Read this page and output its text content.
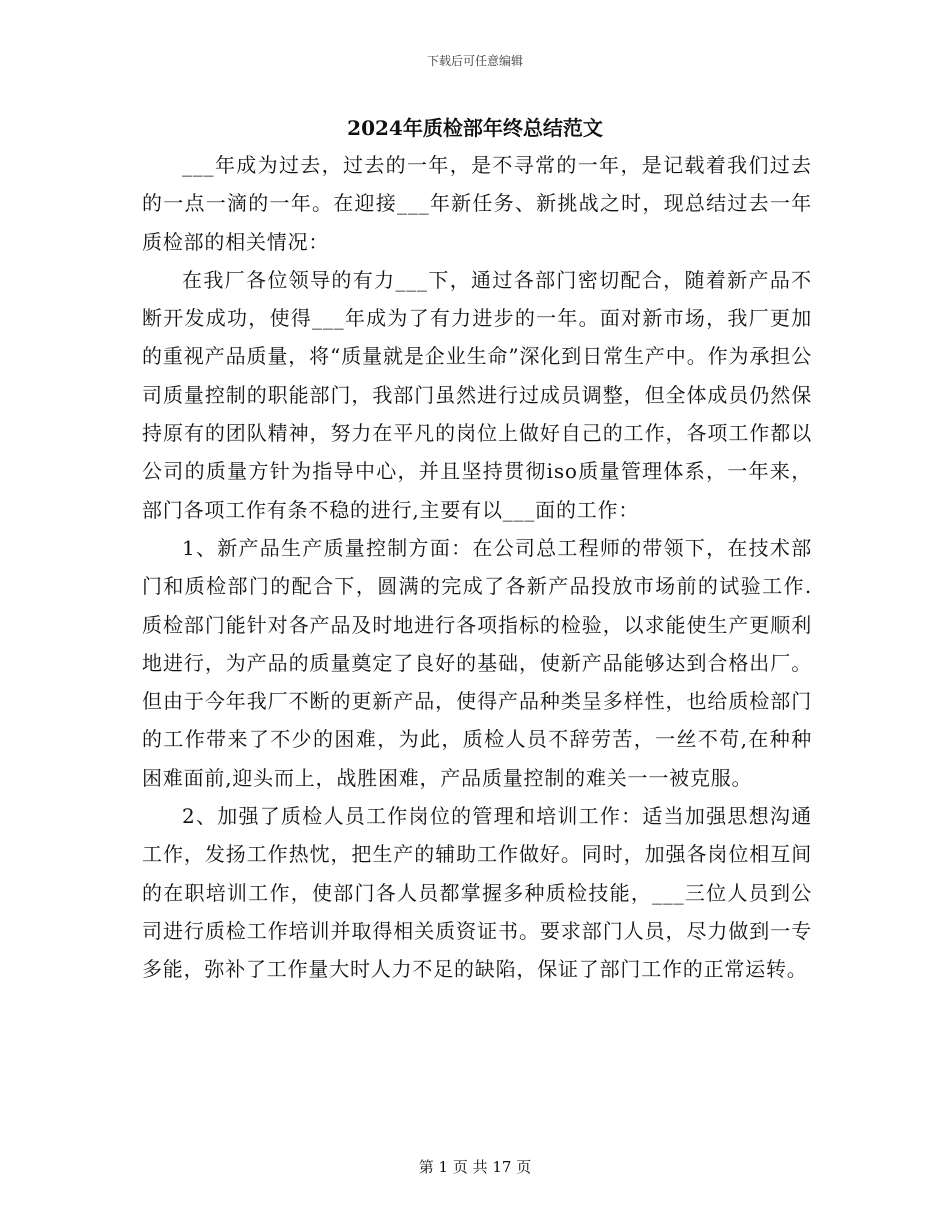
下载后可任意编辑
2024年质检部年终总结范文

___年成为过去，过去的一年，是不寻常的一年，是记载着我们过去的一点一滴的一年。在迎接___年新任务、新挑战之时，现总结过去一年质检部的相关情况：

在我厂各位领导的有力___下，通过各部门密切配合，随着新产品不断开发成功，使得___年成为了有力进步的一年。面对新市场，我厂更加的重视产品质量，将“质量就是企业生命”深化到日常生产中。作为承担公司质量控制的职能部门，我部门虽然进行过成员调整，但全体成员仍然保持原有的团队精神，努力在平凡的岗位上做好自己的工作，各项工作都以公司的质量方针为指导中心，并且坚持贯彻iso质量管理体系，一年来，部门各项工作有条不稳的进行,主要有以___面的工作：

1、新产品生产质量控制方面：在公司总工程师的带领下，在技术部门和质检部门的配合下，圆满的完成了各新产品投放市场前的试验工作.质检部门能针对各产品及时地进行各项指标的检验，以求能使生产更顺利地进行，为产品的质量奠定了良好的基础，使新产品能够达到合格出厂。但由于今年我厂不断的更新产品，使得产品种类呈多样性，也给质检部门的工作带来了不少的困难，为此，质检人员不辞劳苦，一丝不苟,在种种困难面前,迎头而上，战胜困难，产品质量控制的难关一一被克服。

2、加强了质检人员工作岗位的管理和培训工作：适当加强思想沟通工作，发扬工作热忱，把生产的辅助工作做好。同时，加强各岗位相互间的在职培训工作，使部门各人员都掌握多种质检技能，___三位人员到公司进行质检工作培训并取得相关质资证书。要求部门人员，尽力做到一专多能，弥补了工作量大时人力不足的缺陷，保证了部门工作的正常运转。

第 1 页 共 17 页
